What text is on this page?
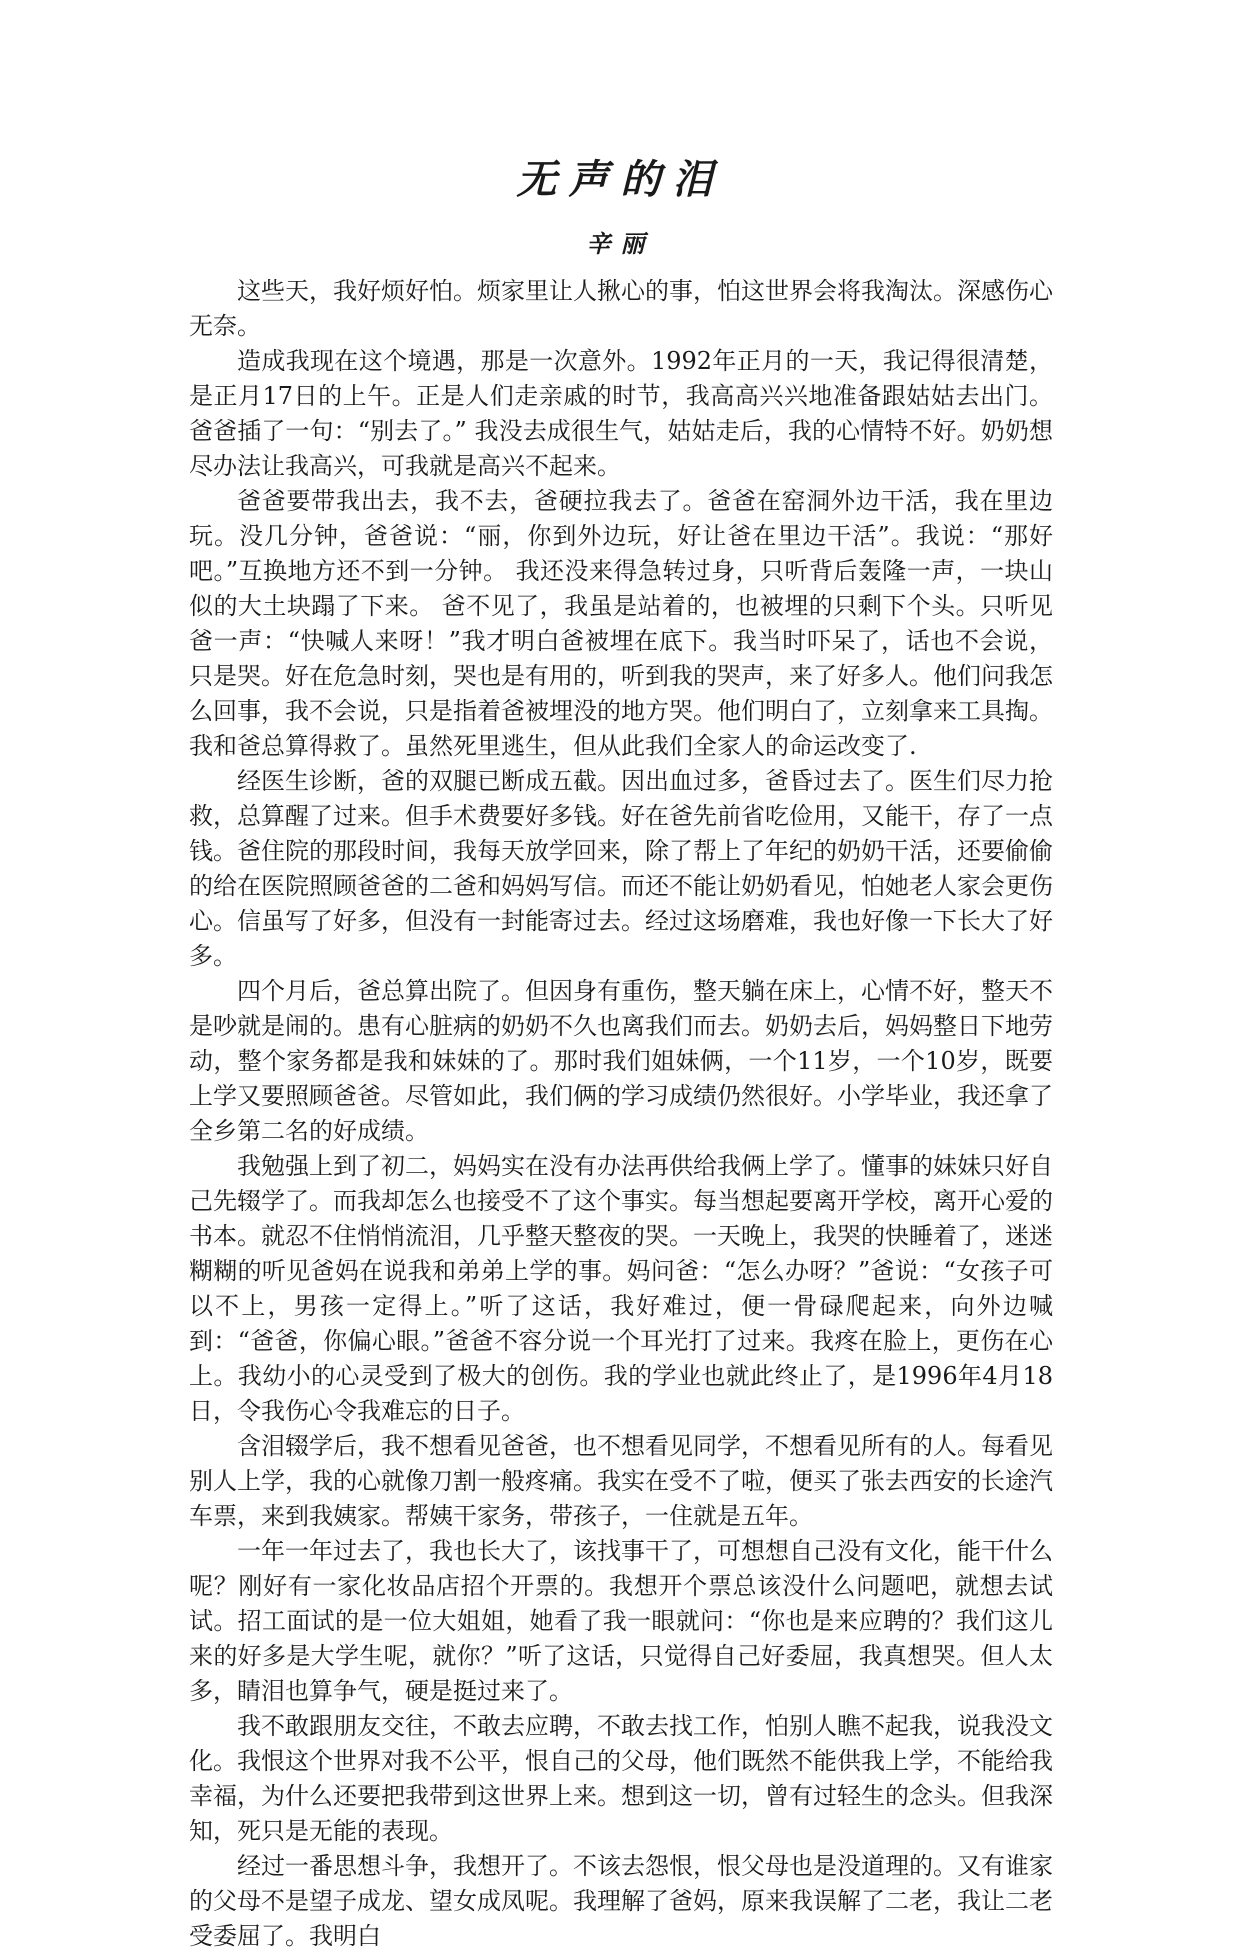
无声的泪
辛丽

这些天，我好烦好怕。烦家里让人揪心的事，怕这世界会将我淘汰。深感伤心无奈。

造成我现在这个境遇，那是一次意外。1992年正月的一天，我记得很清楚，是正月17日的上午。正是人们走亲戚的时节，我高高兴兴地准备跟姑姑去出门。爸爸插了一句：“别去了。” 我没去成很生气，姑姑走后，我的心情特不好。奶奶想尽办法让我高兴，可我就是高兴不起来。

爸爸要带我出去，我不去，爸硬拉我去了。爸爸在窑洞外边干活，我在里边玩。没几分钟，爸爸说：“丽，你到外边玩，好让爸在里边干活”。我说：“那好吧。”互换地方还不到一分钟。 我还没来得急转过身，只听背后轰隆一声，一块山似的大土块蹋了下来。 爸不见了，我虽是站着的，也被埋的只剩下个头。只听见爸一声：“快喊人来呀！”我才明白爸被埋在底下。我当时吓呆了，话也不会说，只是哭。好在危急时刻，哭也是有用的，听到我的哭声，来了好多人。他们问我怎么回事，我不会说，只是指着爸被埋没的地方哭。他们明白了，立刻拿来工具掏。我和爸总算得救了。虽然死里逃生，但从此我们全家人的命运改变了.

经医生诊断，爸的双腿已断成五截。因出血过多，爸昏过去了。医生们尽力抢救，总算醒了过来。但手术费要好多钱。好在爸先前省吃俭用，又能干，存了一点钱。爸住院的那段时间，我每天放学回来，除了帮上了年纪的奶奶干活，还要偷偷的给在医院照顾爸爸的二爸和妈妈写信。而还不能让奶奶看见，怕她老人家会更伤心。信虽写了好多，但没有一封能寄过去。经过这场磨难，我也好像一下长大了好多。

四个月后，爸总算出院了。但因身有重伤，整天躺在床上，心情不好，整天不是吵就是闹的。患有心脏病的奶奶不久也离我们而去。奶奶去后，妈妈整日下地劳动，整个家务都是我和妹妹的了。那时我们姐妹俩，一个11岁，一个10岁，既要上学又要照顾爸爸。尽管如此，我们俩的学习成绩仍然很好。小学毕业，我还拿了全乡第二名的好成绩。

我勉强上到了初二，妈妈实在没有办法再供给我俩上学了。懂事的妹妹只好自己先辍学了。而我却怎么也接受不了这个事实。每当想起要离开学校，离开心爱的书本。就忍不住悄悄流泪，几乎整天整夜的哭。一天晚上，我哭的快睡着了，迷迷糊糊的听见爸妈在说我和弟弟上学的事。妈问爸：“怎么办呀？”爸说：“女孩子可以不上，男孩一定得上。”听了这话，我好难过，便一骨碌爬起来，向外边喊到：“爸爸，你偏心眼。”爸爸不容分说一个耳光打了过来。我疼在脸上，更伤在心上。我幼小的心灵受到了极大的创伤。我的学业也就此终止了，是1996年4月18日，令我伤心令我难忘的日子。

含泪辍学后，我不想看见爸爸，也不想看见同学，不想看见所有的人。每看见别人上学，我的心就像刀割一般疼痛。我实在受不了啦，便买了张去西安的长途汽车票，来到我姨家。帮姨干家务，带孩子，一住就是五年。

一年一年过去了，我也长大了，该找事干了，可想想自己没有文化，能干什么呢？刚好有一家化妆品店招个开票的。我想开个票总该没什么问题吧，就想去试试。招工面试的是一位大姐姐，她看了我一眼就问：“你也是来应聘的？我们这儿来的好多是大学生呢，就你？”听了这话，只觉得自己好委屈，我真想哭。但人太多，睛泪也算争气，硬是挺过来了。

我不敢跟朋友交往，不敢去应聘，不敢去找工作，怕别人瞧不起我，说我没文化。我恨这个世界对我不公平，恨自己的父母，他们既然不能供我上学，不能给我幸福，为什么还要把我带到这世界上来。想到这一切，曾有过轻生的念头。但我深知，死只是无能的表现。

经过一番思想斗争，我想开了。不该去怨恨，恨父母也是没道理的。又有谁家的父母不是望子成龙、望女成凤呢。我理解了爸妈，原来我误解了二老，我让二老受委屈了。我明白
